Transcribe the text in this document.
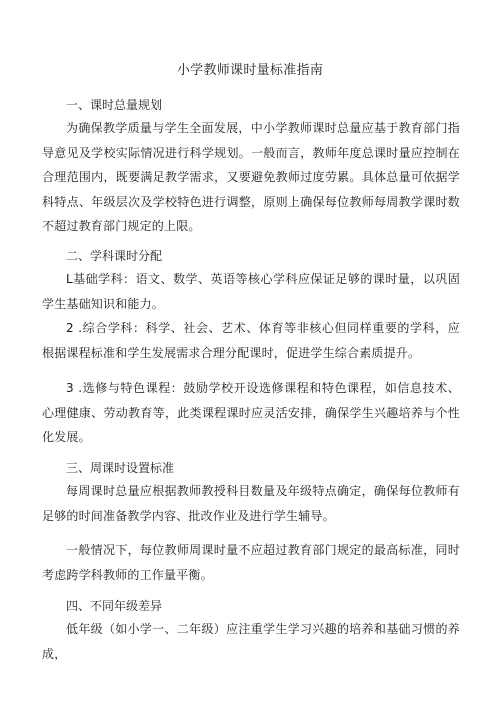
小学教师课时量标准指南
一、课时总量规划
为确保教学质量与学生全面发展，中小学教师课时总量应基于教育部门指导意见及学校实际情况进行科学规划。一般而言，教师年度总课时量应控制在合理范围内，既要满足教学需求，又要避免教师过度劳累。具体总量可依据学科特点、年级层次及学校特色进行调整，原则上确保每位教师每周教学课时数不超过教育部门规定的上限。
二、学科课时分配
L基础学科：语文、数学、英语等核心学科应保证足够的课时量，以巩固学生基础知识和能力。
2 .综合学科：科学、社会、艺术、体育等非核心但同样重要的学科，应根据课程标准和学生发展需求合理分配课时，促进学生综合素质提升。
3 .选修与特色课程：鼓励学校开设选修课程和特色课程，如信息技术、心理健康、劳动教育等，此类课程课时应灵活安排，确保学生兴趣培养与个性化发展。
三、周课时设置标准
每周课时总量应根据教师教授科目数量及年级特点确定，确保每位教师有足够的时间准备教学内容、批改作业及进行学生辅导。
一般情况下，每位教师周课时量不应超过教育部门规定的最高标准，同时考虑跨学科教师的工作量平衡。
四、不同年级差异
低年级（如小学一、二年级）应注重学生学习兴趣的培养和基础习惯的养成，
